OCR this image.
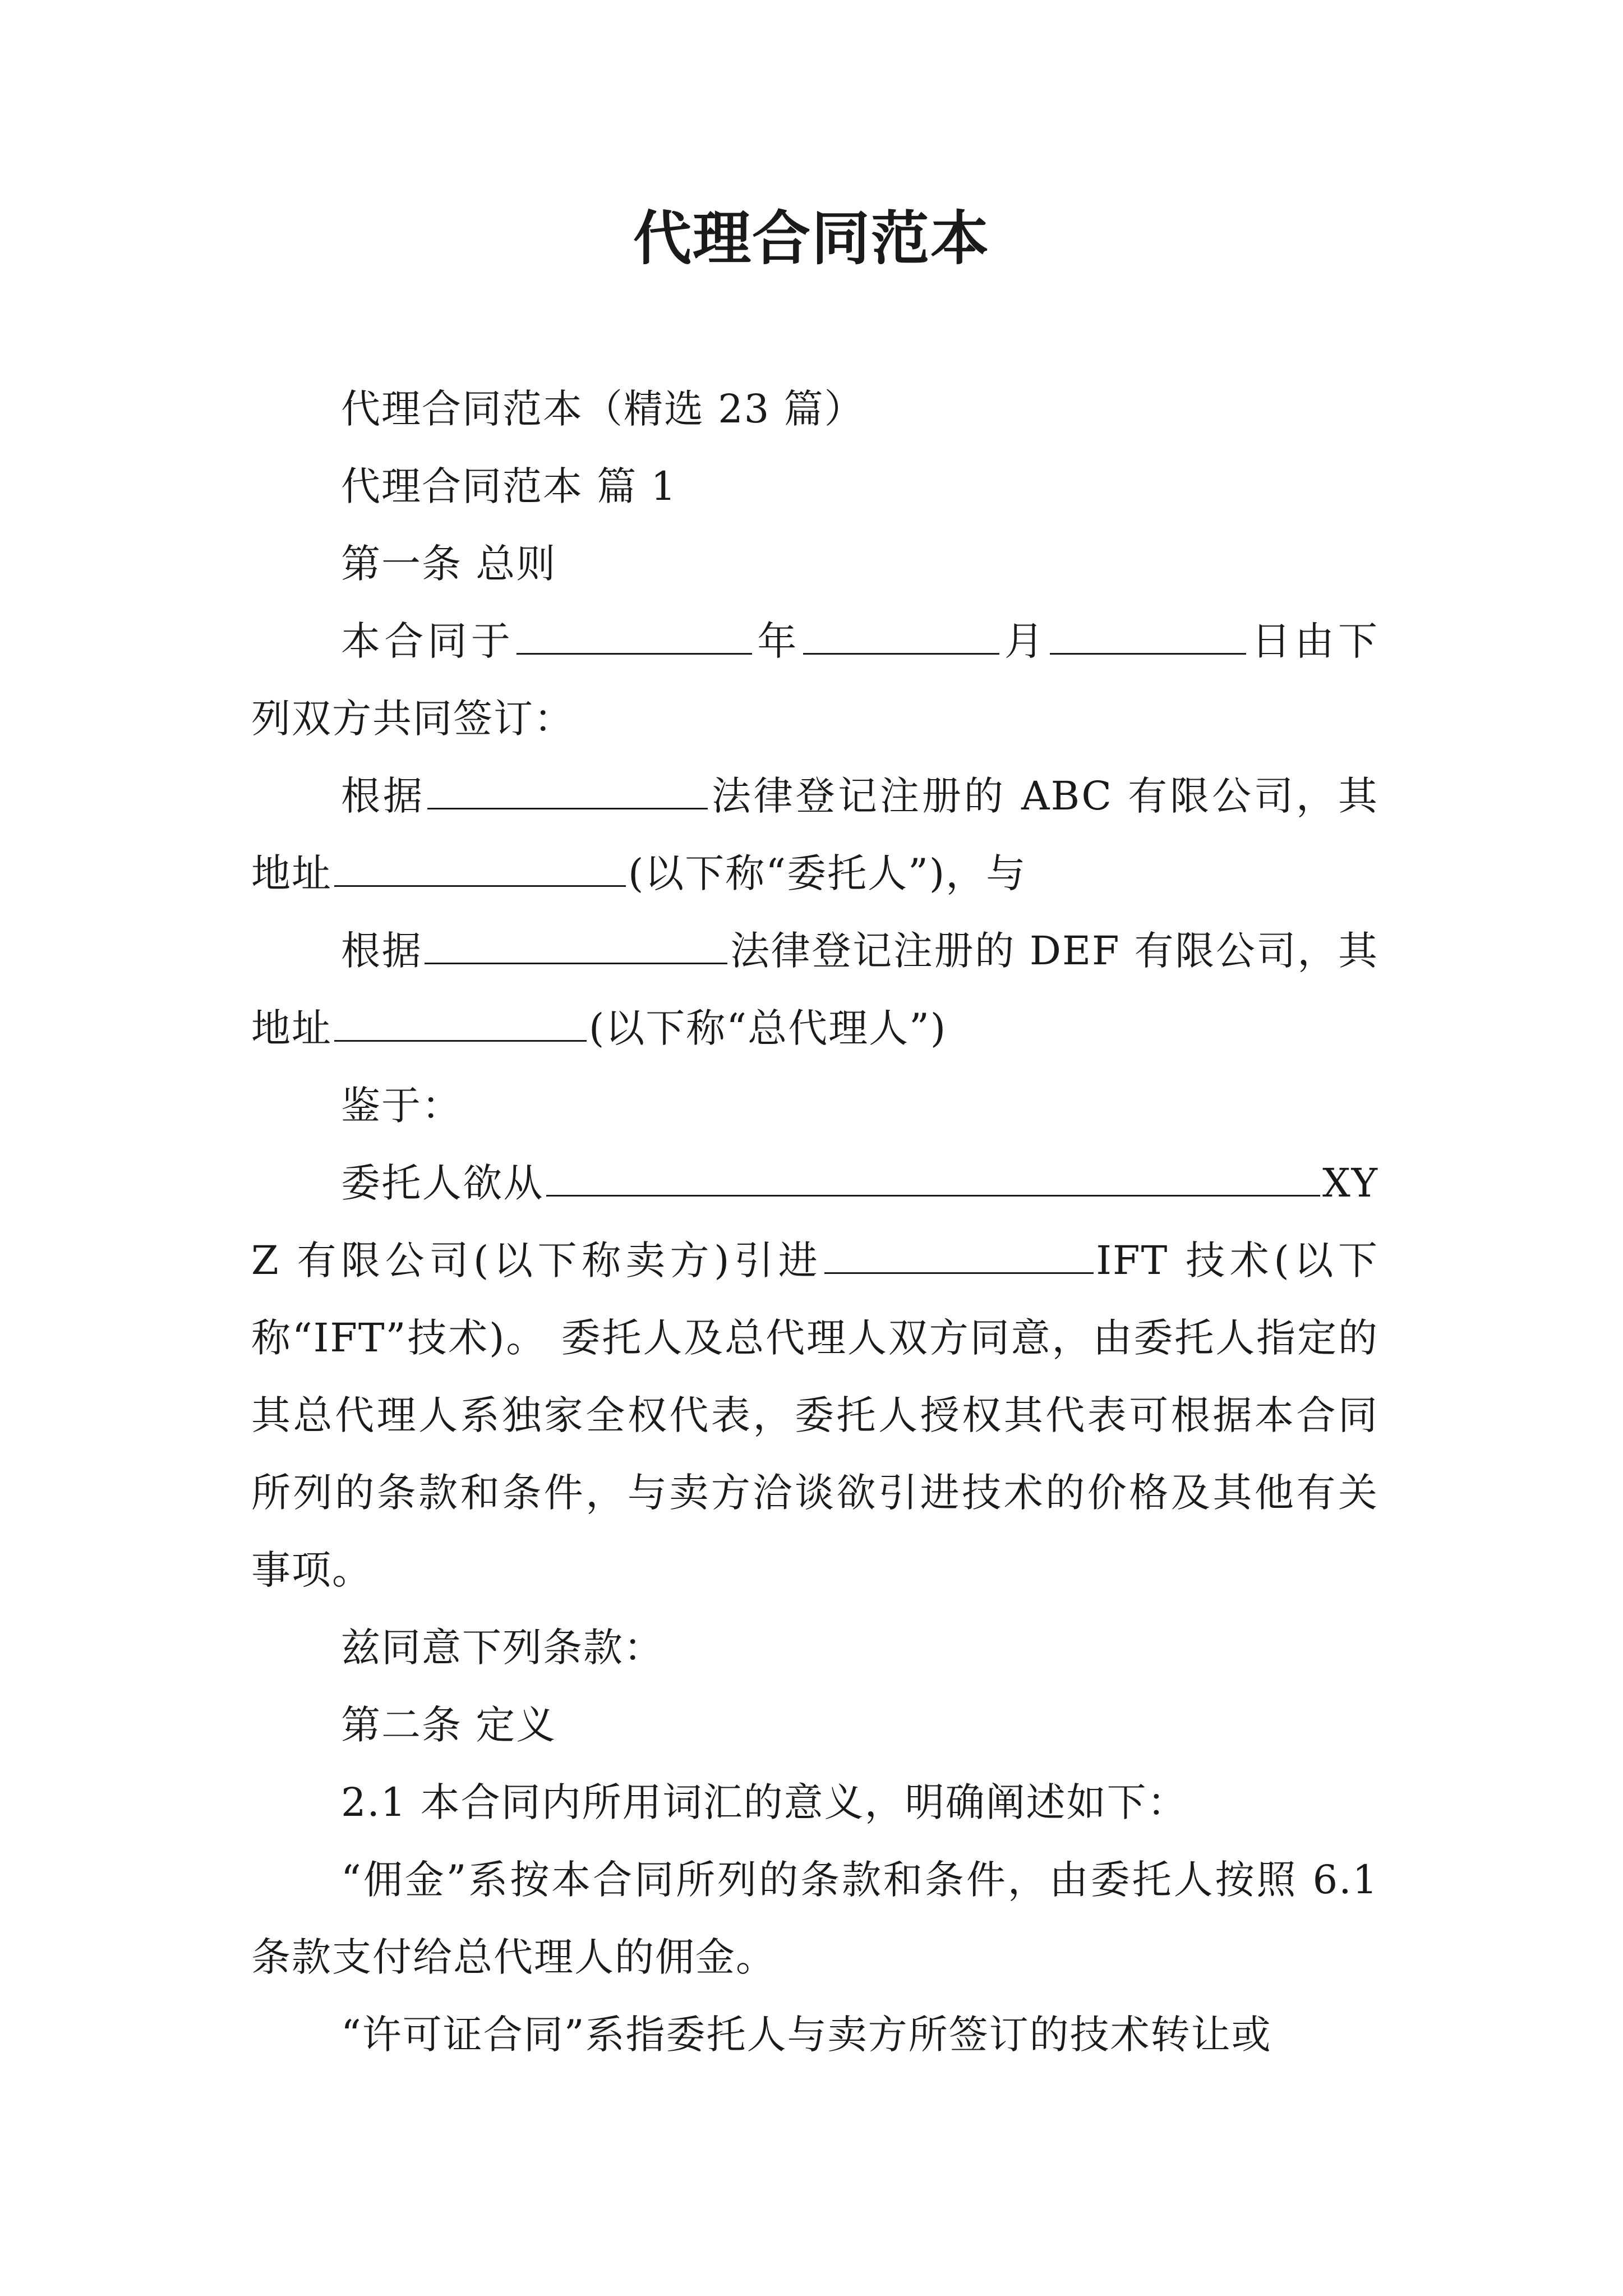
代理合同范本

代理合同范本（精选 23 篇）

代理合同范本 篇 1

第一条 总则

本合同于	年	月	日由下列双方共同签订：

根据	法律登记注册的 ABC 有限公司，其地址	(以下称“委托人”)，与

根据	法律登记注册的 DEF 有限公司，其地址	(以下称“总代理人”)

鉴于：

委托人欲从	XYZ 有限公司(以下称卖方)引进	IFT 技术(以下称“IFT”技术)。 委托人及总代理人双方同意，由委托人指定的其总代理人系独家全权代表，委托人授权其代表可根据本合同所列的条款和条件，与卖方洽谈欲引进技术的价格及其他有关事项。

兹同意下列条款：

第二条 定义

2.1 本合同内所用词汇的意义，明确阐述如下：

“佣金”系按本合同所列的条款和条件，由委托人按照 6.1 条款支付给总代理人的佣金。

“许可证合同”系指委托人与卖方所签订的技术转让或
